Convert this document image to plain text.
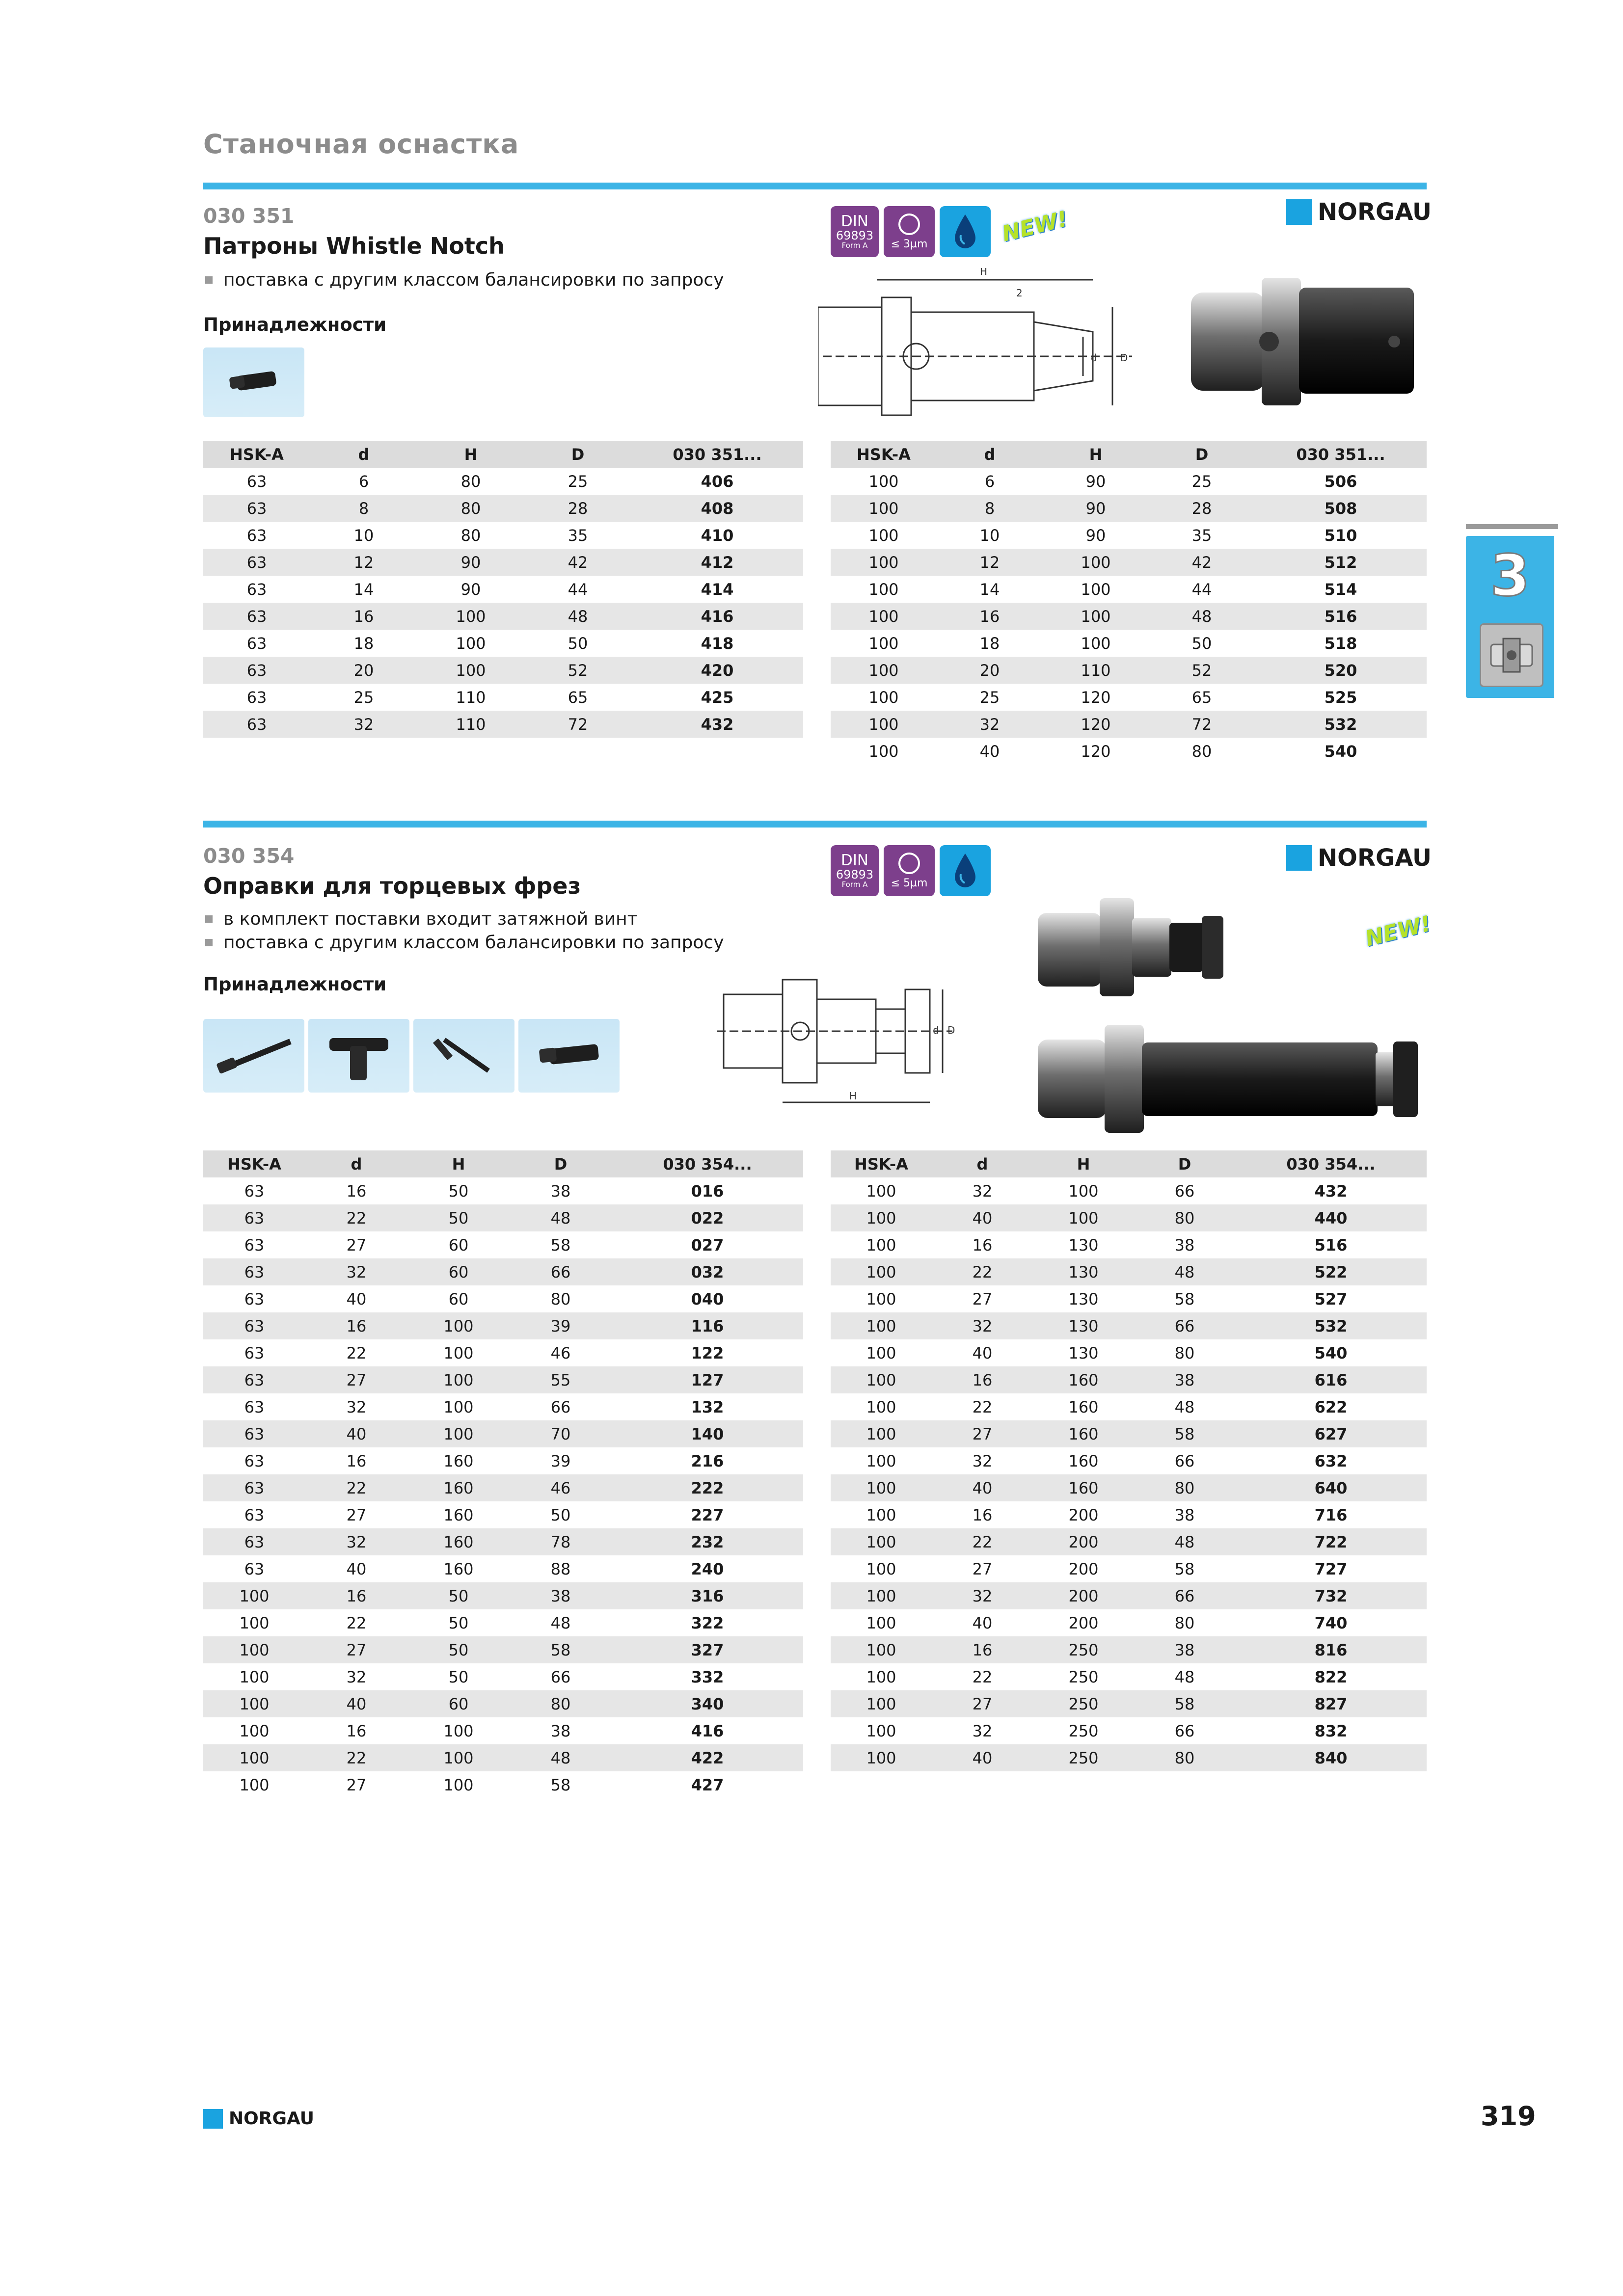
Станочная оснастка
3
030 351
Патроны Whistle Notch
поставка с другим классом балансировки по запросу
Принадлежности
DIN
69893
Form A ≤ 3µm	NEW!	NORGAU
H
d D
2
HSK-A	d	H	D	030 351...
63	6	80	25	406
63	8	80	28	408
63	10	80	35	410
63	12	90	42	412
63	14	90	44	414
63	16	100	48	416
63	18	100	50	418
63	20	100	52	420
63	25	110	65	425
63	32	110	72	432
HSK-A	d	H	D	030 351...
100	6	90	25	506
100	8	90	28	508
100	10	90	35	510
100	12	100	42	512
100	14	100	44	514
100	16	100	48	516
100	18	100	50	518
100	20	110	52	520
100	25	120	65	525
100	32	120	72	532
100	40	120	80	540
030 354
Оправки для торцевых фрез
в комплект поставки входит затяжной винт
поставка с другим классом балансировки по запросу
Принадлежности
DIN
69893
Form A ≤ 5µm
NORGAU
NEW!
H
d D
HSK-A	d	H	D	030 354...
63	16	50	38	016
63	22	50	48	022
63	27	60	58	027
63	32	60	66	032
63	40	60	80	040
63	16	100	39	116
63	22	100	46	122
63	27	100	55	127
63	32	100	66	132
63	40	100	70	140
63	16	160	39	216
63	22	160	46	222
63	27	160	50	227
63	32	160	78	232
63	40	160	88	240
100	16	50	38	316
100	22	50	48	322
100	27	50	58	327
100	32	50	66	332
100	40	60	80	340
100	16	100	38	416
100	22	100	48	422
100	27	100	58	427
HSK-A	d	H	D	030 354...
100	32	100	66	432
100	40	100	80	440
100	16	130	38	516
100	22	130	48	522
100	27	130	58	527
100	32	130	66	532
100	40	130	80	540
100	16	160	38	616
100	22	160	48	622
100	27	160	58	627
100	32	160	66	632
100	40	160	80	640
100	16	200	38	716
100	22	200	48	722
100	27	200	58	727
100	32	200	66	732
100	40	200	80	740
100	16	250	38	816
100	22	250	48	822
100	27	250	58	827
100	32	250	66	832
100	40	250	80	840
NORGAU	319
